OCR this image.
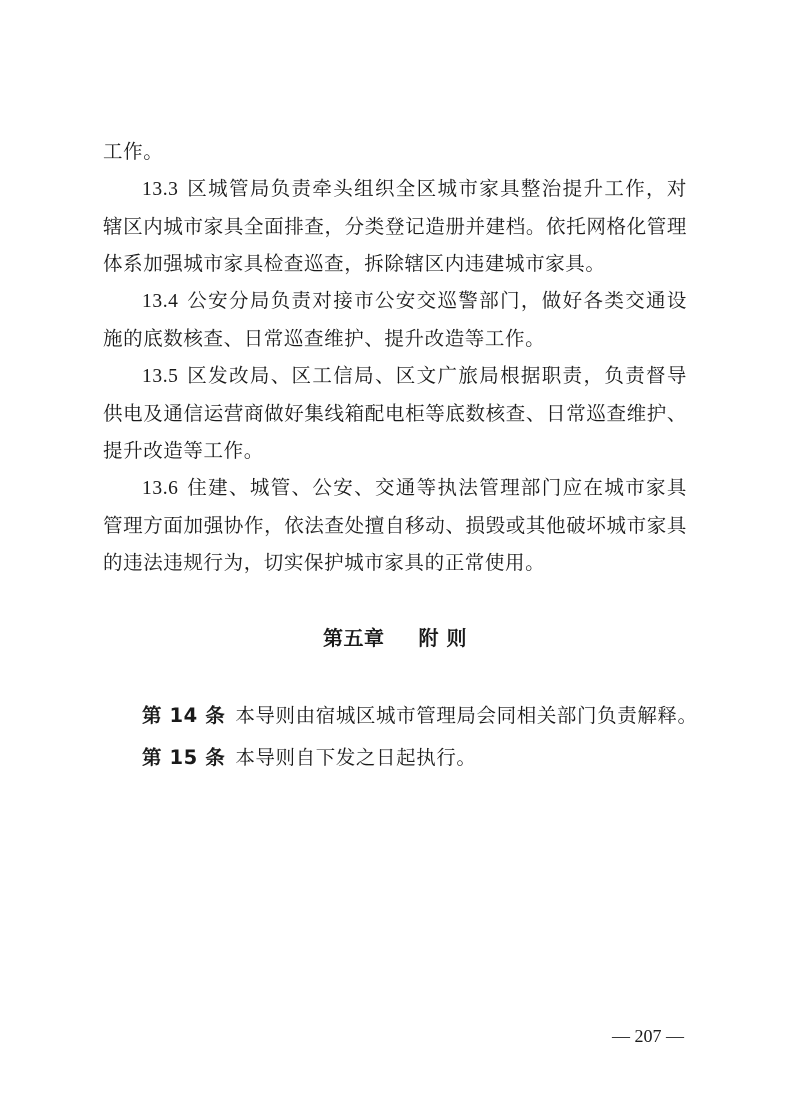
工作。

13.3 区城管局负责牵头组织全区城市家具整治提升工作，对辖区内城市家具全面排查，分类登记造册并建档。依托网格化管理体系加强城市家具检查巡查，拆除辖区内违建城市家具。

13.4 公安分局负责对接市公安交巡警部门，做好各类交通设施的底数核查、日常巡查维护、提升改造等工作。

13.5 区发改局、区工信局、区文广旅局根据职责，负责督导供电及通信运营商做好集线箱配电柜等底数核查、日常巡查维护、提升改造等工作。

13.6 住建、城管、公安、交通等执法管理部门应在城市家具管理方面加强协作，依法查处擅自移动、损毁或其他破坏城市家具的违法违规行为，切实保护城市家具的正常使用。

第五章 附 则
第 14 条 本导则由宿城区城市管理局会同相关部门负责解释。
第 15 条 本导则自下发之日起执行。
— 207 —
